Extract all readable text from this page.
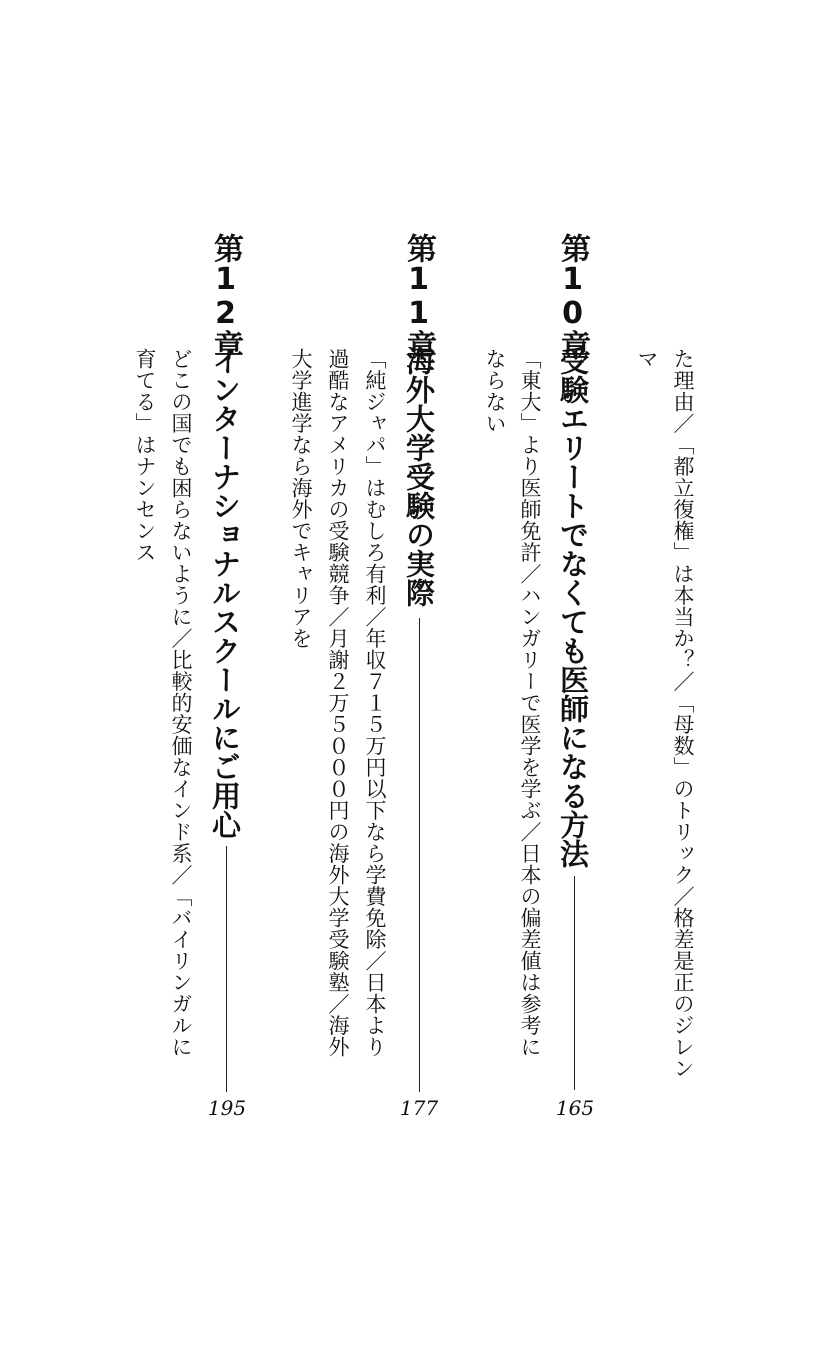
た理由／「都立復権」は本当か？／「母数」のトリック／格差是正のジレン
マ
第10章
受験エリートでなくても医師になる方法
165
「東大」より医師免許／ハンガリーで医学を学ぶ／日本の偏差値は参考に
ならない
第11章
海外大学受験の実際
177
「純ジャパ」はむしろ有利／年収７１５万円以下なら学費免除／日本より
過酷なアメリカの受験競争／月謝２万５０００円の海外大学受験塾／海外
大学進学なら海外でキャリアを
第12章
インターナショナルスクールにご用心
195
どこの国でも困らないように／比較的安価なインド系／「バイリンガルに
育てる」はナンセンス
